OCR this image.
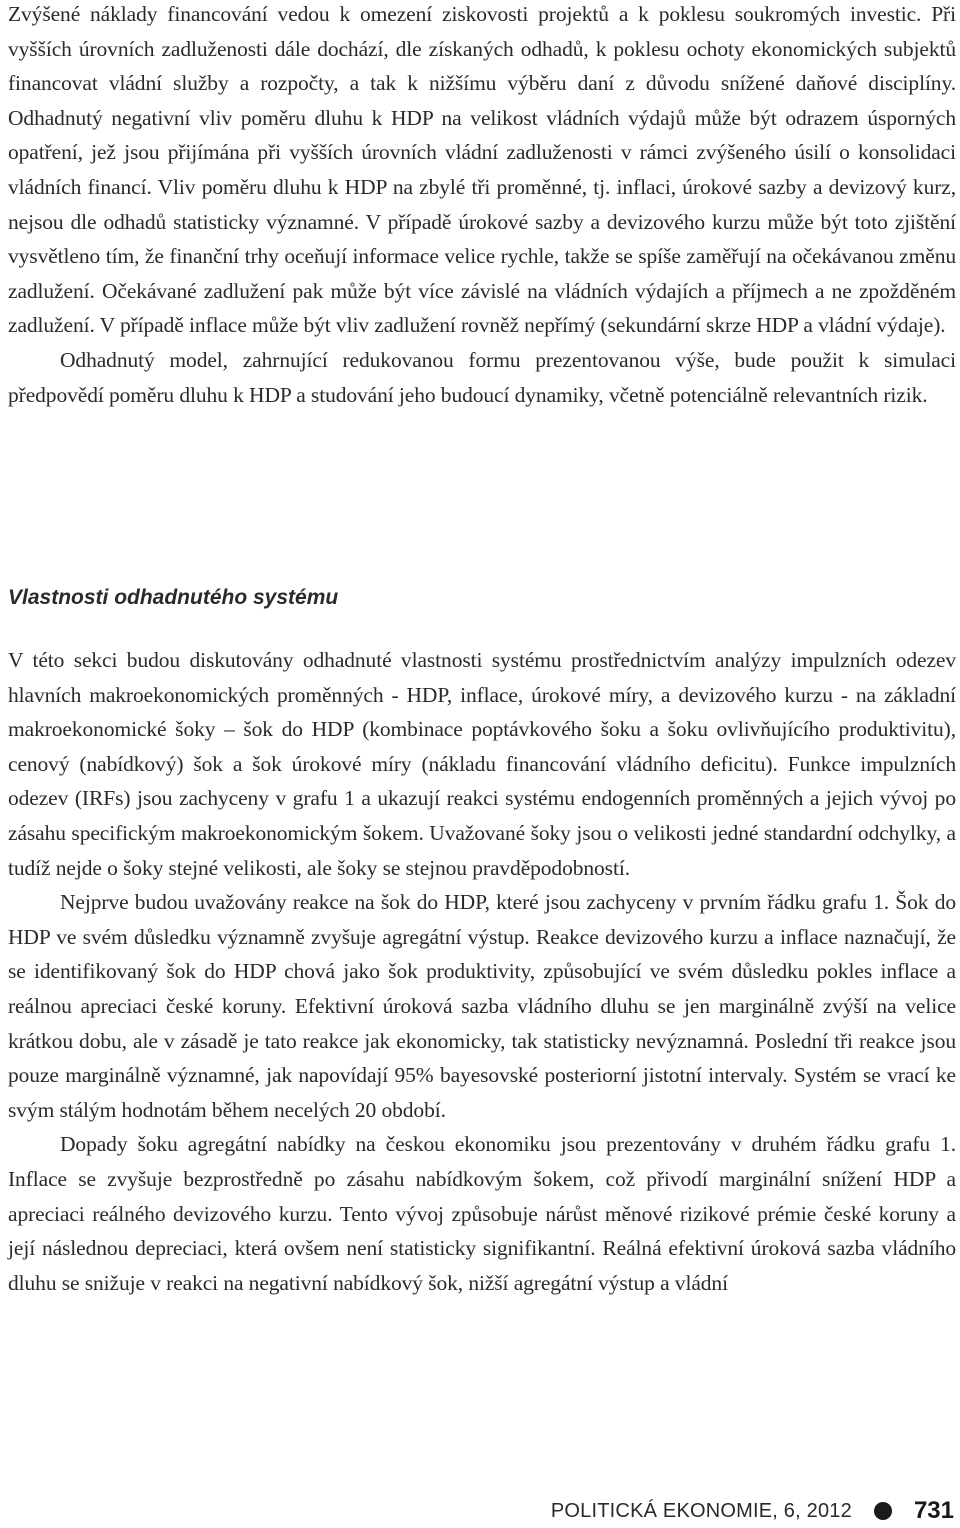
Zvýšené náklady financování vedou k omezení ziskovosti projektů a k poklesu soukromých investic. Při vyšších úrovních zadluženosti dále dochází, dle získaných odhadů, k poklesu ochoty ekonomických subjektů financovat vládní služby a rozpočty, a tak k nižšímu výběru daní z důvodu snížené daňové disciplíny. Odhadnutý negativní vliv poměru dluhu k HDP na velikost vládních výdajů může být odrazem úsporných opatření, jež jsou přijímána při vyšších úrovních vládní zadluženosti v rámci zvýšeného úsilí o konsolidaci vládních financí. Vliv poměru dluhu k HDP na zbylé tři proměnné, tj. inflaci, úrokové sazby a devizový kurz, nejsou dle odhadů statisticky významné. V případě úrokové sazby a devizového kurzu může být toto zjištění vysvětleno tím, že finanční trhy oceňují informace velice rychle, takže se spíše zaměřují na očekávanou změnu zadlužení. Očekávané zadlužení pak může být více závislé na vládních výdajích a příjmech a ne zpožděném zadlužení. V případě inflace může být vliv zadlužení rovněž nepřímý (sekundární skrze HDP a vládní výdaje).

Odhadnutý model, zahrnující redukovanou formu prezentovanou výše, bude použit k simulaci předpovědí poměru dluhu k HDP a studování jeho budoucí dynamiky, včetně potenciálně relevantních rizik.

Vlastnosti odhadnutého systému

V této sekci budou diskutovány odhadnuté vlastnosti systému prostřednictvím analýzy impulzních odezev hlavních makroekonomických proměnných - HDP, inflace, úrokové míry, a devizového kurzu - na základní makroekonomické šoky – šok do HDP (kombinace poptávkového šoku a šoku ovlivňujícího produktivitu), cenový (nabídkový) šok a šok úrokové míry (nákladu financování vládního deficitu). Funkce impulzních odezev (IRFs) jsou zachyceny v grafu 1 a ukazují reakci systému endogenních proměnných a jejich vývoj po zásahu specifickým makroekonomickým šokem. Uvažované šoky jsou o velikosti jedné standardní odchylky, a tudíž nejde o šoky stejné velikosti, ale šoky se stejnou pravděpodobností.

Nejprve budou uvažovány reakce na šok do HDP, které jsou zachyceny v prvním řádku grafu 1. Šok do HDP ve svém důsledku významně zvyšuje agregátní výstup. Reakce devizového kurzu a inflace naznačují, že se identifikovaný šok do HDP chová jako šok produktivity, způsobující ve svém důsledku pokles inflace a reálnou apreciaci české koruny. Efektivní úroková sazba vládního dluhu se jen marginálně zvýší na velice krátkou dobu, ale v zásadě je tato reakce jak ekonomicky, tak statisticky nevýznamná. Poslední tři reakce jsou pouze marginálně významné, jak napovídají 95% bayesovské posteriorní jistotní intervaly. Systém se vrací ke svým stálým hodnotám během necelých 20 období.

Dopady šoku agregátní nabídky na českou ekonomiku jsou prezentovány v druhém řádku grafu 1. Inflace se zvyšuje bezprostředně po zásahu nabídkovým šokem, což přivodí marginální snížení HDP a apreciaci reálného devizového kurzu. Tento vývoj způsobuje nárůst měnové rizikové prémie české koruny a její následnou depreciaci, která ovšem není statisticky signifikantní. Reálná efektivní úroková sazba vládního dluhu se snižuje v reakci na negativní nabídkový šok, nižší agregátní výstup a vládní

POLITICKÁ EKONOMIE, 6, 2012	731
